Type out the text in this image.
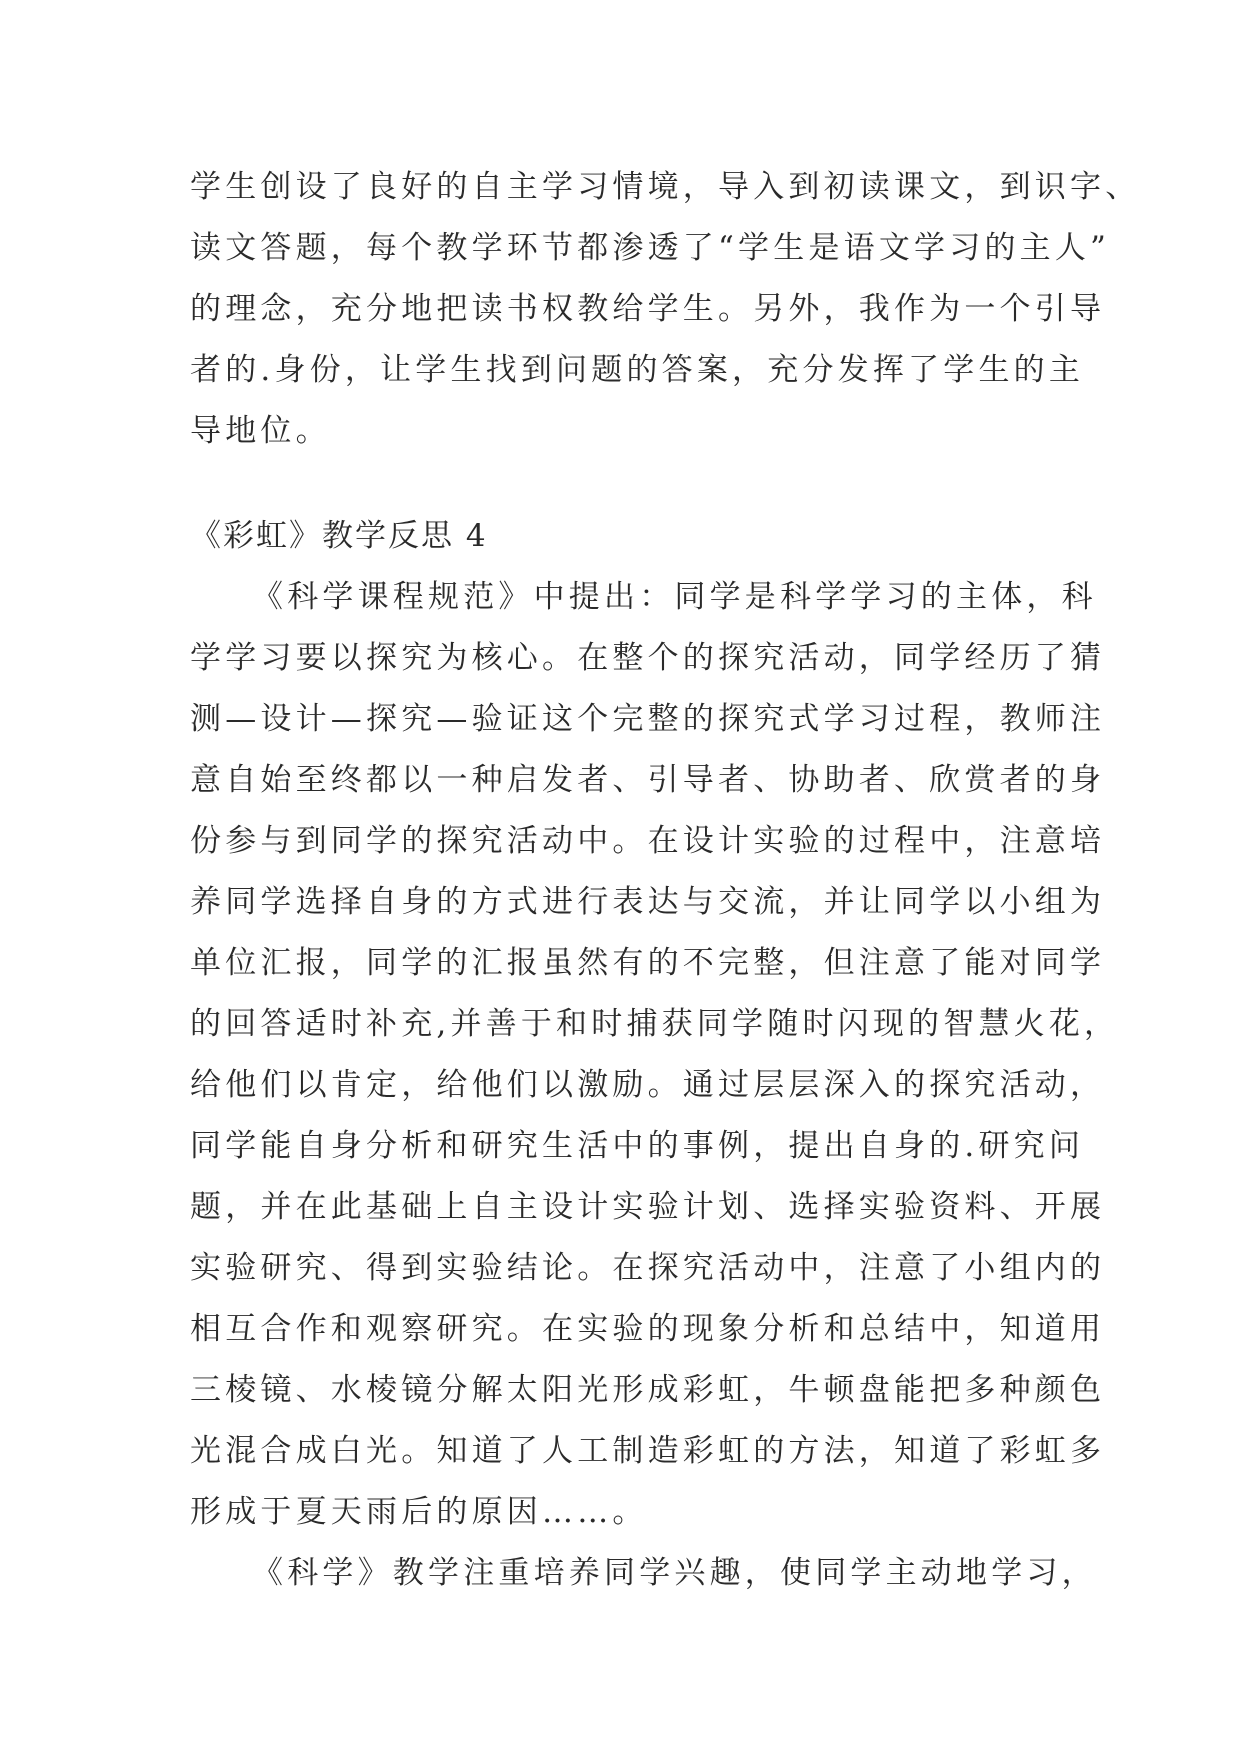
学生创设了良好的自主学习情境，导入到初读课文，到识字、
读文答题，每个教学环节都渗透了“学生是语文学习的主人”
的理念，充分地把读书权教给学生。另外，我作为一个引导
者的.身份，让学生找到问题的答案，充分发挥了学生的主
导地位。
《彩虹》教学反思 4
《科学课程规范》中提出：同学是科学学习的主体，科
学学习要以探究为核心。在整个的探究活动，同学经历了猜
测—设计—探究—验证这个完整的探究式学习过程，教师注
意自始至终都以一种启发者、引导者、协助者、欣赏者的身
份参与到同学的探究活动中。在设计实验的过程中，注意培
养同学选择自身的方式进行表达与交流，并让同学以小组为
单位汇报，同学的汇报虽然有的不完整，但注意了能对同学
的回答适时补充,并善于和时捕获同学随时闪现的智慧火花，
给他们以肯定，给他们以激励。通过层层深入的探究活动，
同学能自身分析和研究生活中的事例，提出自身的.研究问
题，并在此基础上自主设计实验计划、选择实验资料、开展
实验研究、得到实验结论。在探究活动中，注意了小组内的
相互合作和观察研究。在实验的现象分析和总结中，知道用
三棱镜、水棱镜分解太阳光形成彩虹，牛顿盘能把多种颜色
光混合成白光。知道了人工制造彩虹的方法，知道了彩虹多
形成于夏天雨后的原因……。
《科学》教学注重培养同学兴趣，使同学主动地学习，
